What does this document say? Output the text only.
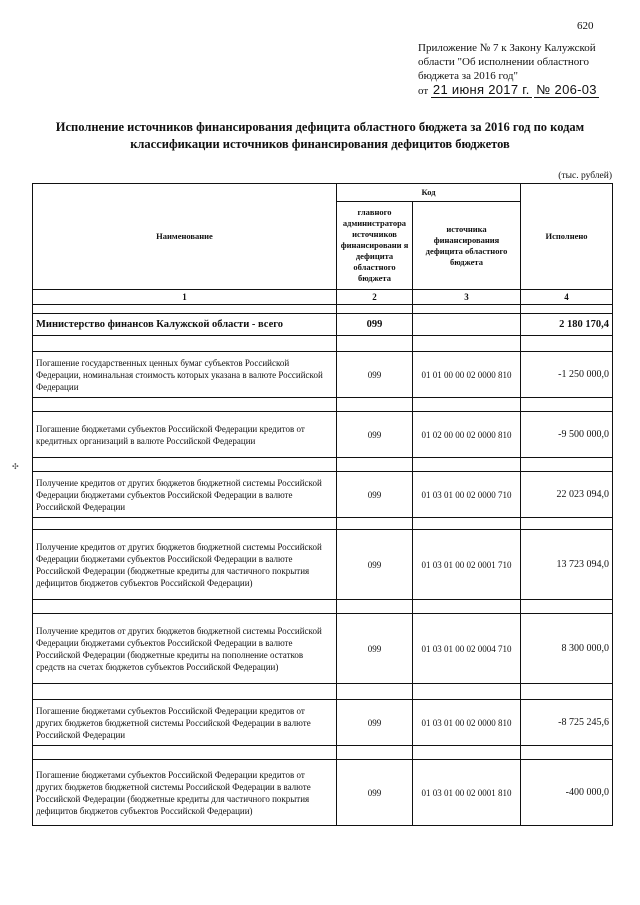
620
Приложение № 7 к Закону Калужской
области "Об исполнении областного
бюджета за 2016 год"
от 21 июня 2017 г. № 206-03
Исполнение источников финансирования дефицита областного бюджета за 2016 год по кодам
классификации источников финансирования дефицитов бюджетов
(тыс. рублей)
✣
Наименование	Код		Исполнено
	главного администратора источников финансировани я дефицита областного бюджета	источника финансирования дефицита областного бюджета	
1	2	3	4

Министерство финансов Калужской области - всего	099		2 180 170,4

Погашение государственных ценных бумаг субъектов Российской Федерации, номинальная стоимость которых указана в валюте Российской Федерации	099	01 01 00 00 02 0000 810	-1 250 000,0

Погашение бюджетами субъектов Российской Федерации кредитов от кредитных организаций в валюте Российской Федерации	099	01 02 00 00 02 0000 810	-9 500 000,0

Получение кредитов от других бюджетов бюджетной системы Российской Федерации бюджетами субъектов Российской Федерации в валюте Российской Федерации	099	01 03 01 00 02 0000 710	22 023 094,0

Получение кредитов от других бюджетов бюджетной системы Российской Федерации бюджетами субъектов Российской Федерации в валюте Российской Федерации (бюджетные кредиты для частичного покрытия дефицитов бюджетов субъектов Российской Федерации)	099	01 03 01 00 02 0001 710	13 723 094,0

Получение кредитов от других бюджетов бюджетной системы Российской Федерации бюджетами субъектов Российской Федерации в валюте Российской Федерации (бюджетные кредиты на пополнение остатков средств на счетах бюджетов субъектов Российской Федерации)	099	01 03 01 00 02 0004 710	8 300 000,0

Погашение бюджетами субъектов Российской Федерации кредитов от других бюджетов бюджетной системы Российской Федерации в валюте Российской Федерации	099	01 03 01 00 02 0000 810	-8 725 245,6

Погашение бюджетами субъектов Российской Федерации кредитов от других бюджетов бюджетной системы Российской Федерации в валюте Российской Федерации (бюджетные кредиты для частичного покрытия дефицитов бюджетов субъектов Российской Федерации)	099	01 03 01 00 02 0001 810	-400 000,0
